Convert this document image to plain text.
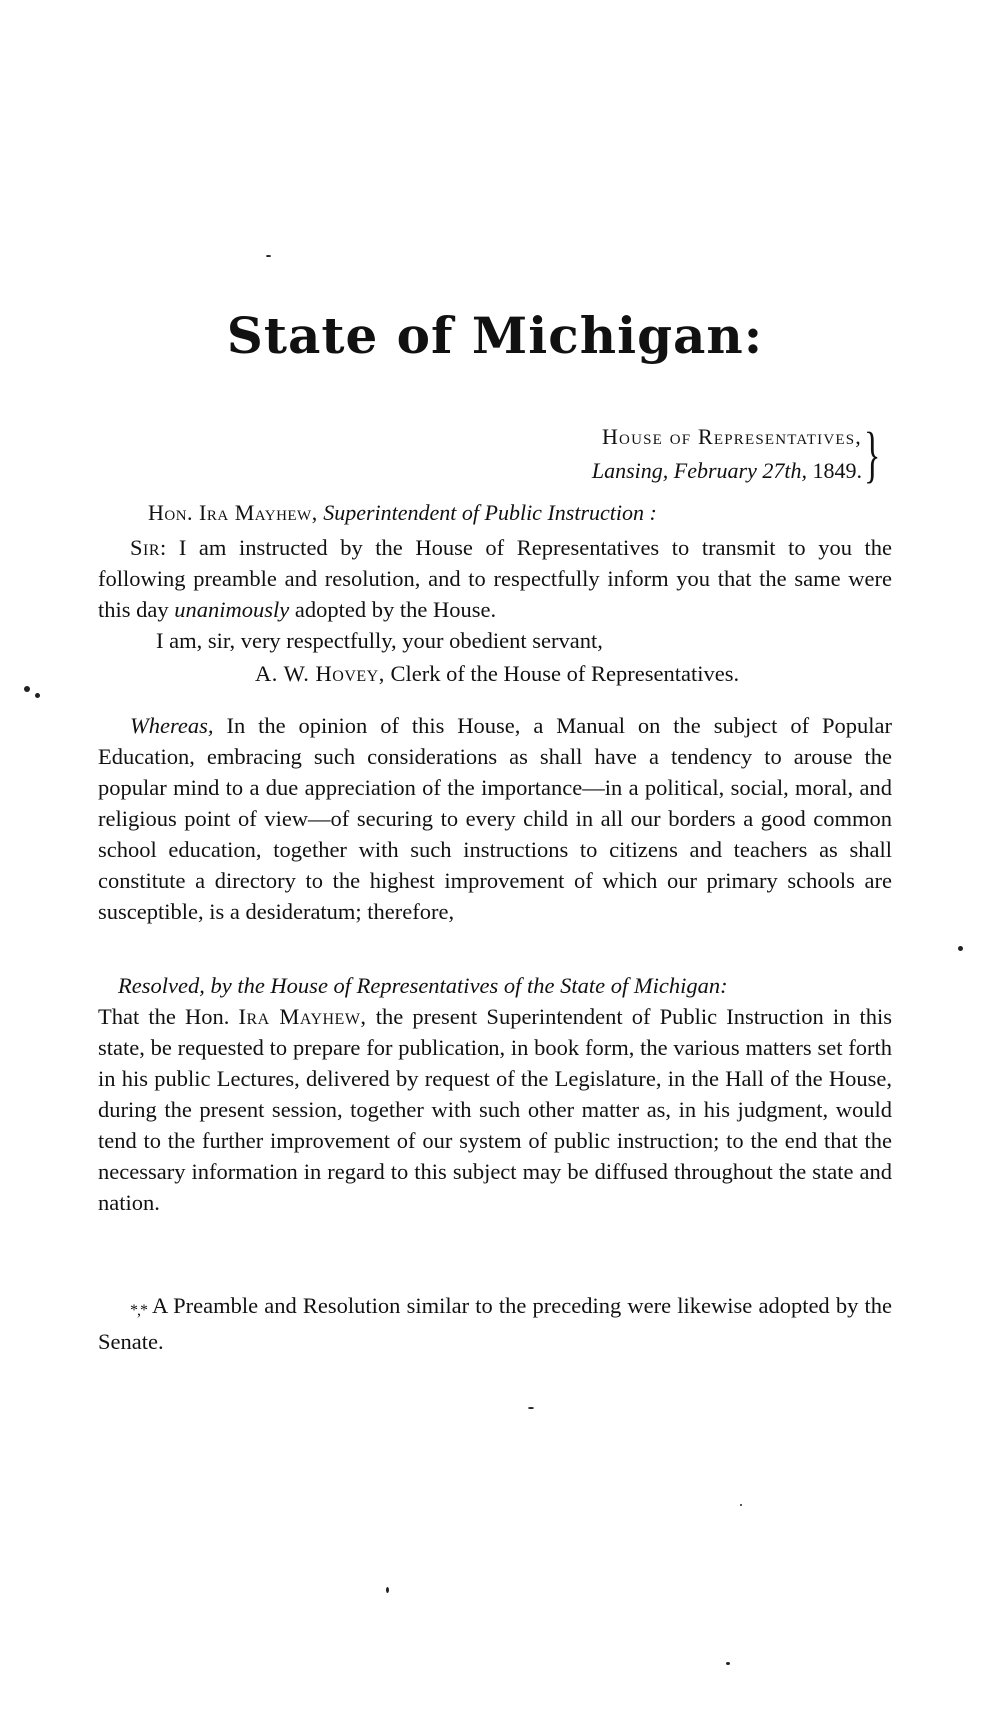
State of Michigan:
House of Representatives,
Lansing, February 27th, 1849. }
Hon. Ira Mayhew, Superintendent of Public Instruction :

Sir: I am instructed by the House of Representatives to transmit to you the following preamble and resolution, and to respectfully inform you that the same were this day unanimously adopted by the House.

I am, sir, very respectfully, your obedient servant,
A. W. Hovey, Clerk of the House of Representatives.

Whereas, In the opinion of this House, a Manual on the subject of Popular Education, embracing such considerations as shall have a tendency to arouse the popular mind to a due appreciation of the importance—in a political, social, moral, and religious point of view—of securing to every child in all our borders a good common school education, together with such instructions to citizens and teachers as shall constitute a directory to the highest improvement of which our primary schools are susceptible, is a desideratum; therefore,

Resolved, by the House of Representatives of the State of Michigan:
That the Hon. Ira Mayhew, the present Superintendent of Public Instruction in this state, be requested to prepare for publication, in book form, the various matters set forth in his public Lectures, delivered by request of the Legislature, in the Hall of the House, during the present session, together with such other matter as, in his judgment, would tend to the further improvement of our system of public instruction; to the end that the necessary information in regard to this subject may be diffused throughout the state and nation.

*,* A Preamble and Resolution similar to the preceding were likewise adopted by the Senate.
